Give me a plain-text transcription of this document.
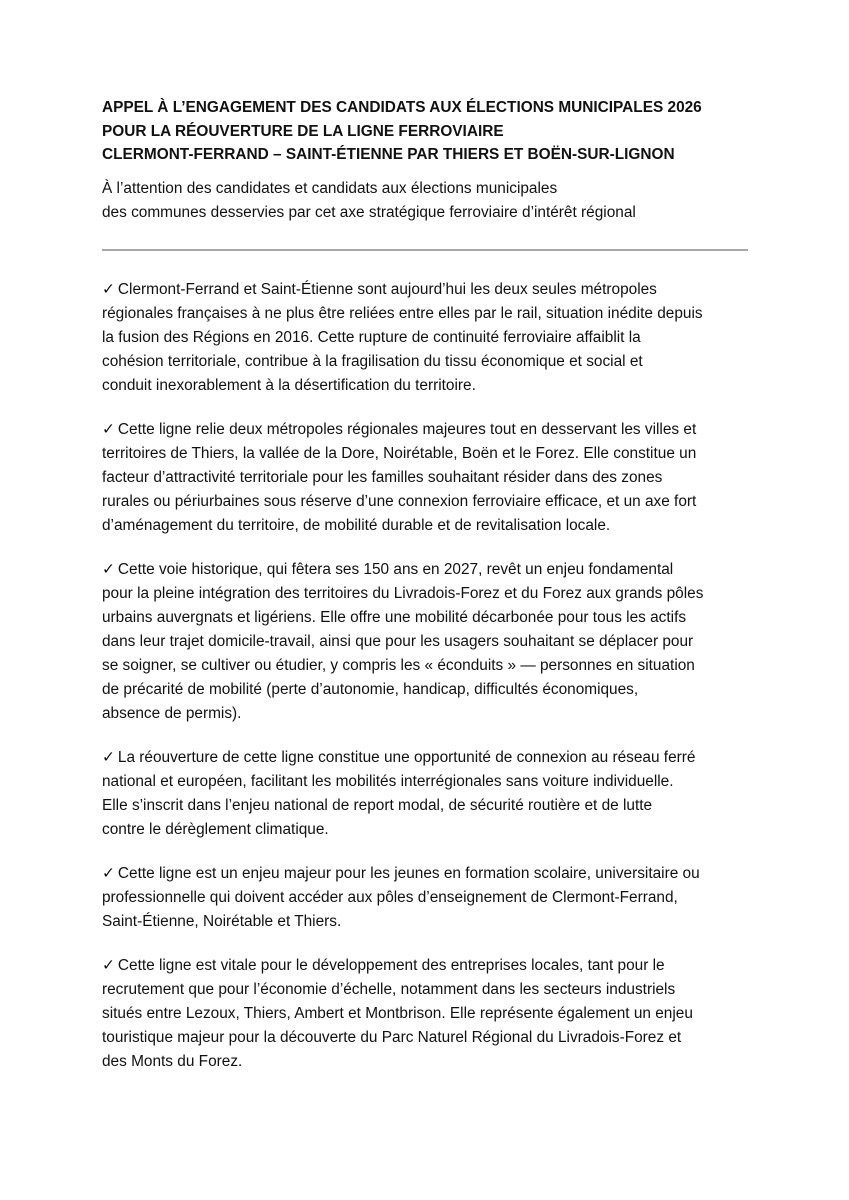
APPEL À L’ENGAGEMENT DES CANDIDATS AUX ÉLECTIONS MUNICIPALES 2026
POUR LA RÉOUVERTURE DE LA LIGNE FERROVIAIRE
CLERMONT-FERRAND – SAINT-ÉTIENNE PAR THIERS ET BOËN-SUR-LIGNON

À l’attention des candidates et candidats aux élections municipales
des communes desservies par cet axe stratégique ferroviaire d’intérêt régional

✓ Clermont-Ferrand et Saint-Étienne sont aujourd’hui les deux seules métropoles
régionales françaises à ne plus être reliées entre elles par le rail, situation inédite depuis
la fusion des Régions en 2016. Cette rupture de continuité ferroviaire affaiblit la
cohésion territoriale, contribue à la fragilisation du tissu économique et social et
conduit inexorablement à la désertification du territoire.
✓ Cette ligne relie deux métropoles régionales majeures tout en desservant les villes et
territoires de Thiers, la vallée de la Dore, Noirétable, Boën et le Forez. Elle constitue un
facteur d’attractivité territoriale pour les familles souhaitant résider dans des zones
rurales ou périurbaines sous réserve d’une connexion ferroviaire efficace, et un axe fort
d’aménagement du territoire, de mobilité durable et de revitalisation locale.
✓ Cette voie historique, qui fêtera ses 150 ans en 2027, revêt un enjeu fondamental
pour la pleine intégration des territoires du Livradois-Forez et du Forez aux grands pôles
urbains auvergnats et ligériens. Elle offre une mobilité décarbonée pour tous les actifs
dans leur trajet domicile-travail, ainsi que pour les usagers souhaitant se déplacer pour
se soigner, se cultiver ou étudier, y compris les « éconduits » — personnes en situation
de précarité de mobilité (perte d’autonomie, handicap, difficultés économiques,
absence de permis).
✓ La réouverture de cette ligne constitue une opportunité de connexion au réseau ferré
national et européen, facilitant les mobilités interrégionales sans voiture individuelle.
Elle s’inscrit dans l’enjeu national de report modal, de sécurité routière et de lutte
contre le dérèglement climatique.
✓ Cette ligne est un enjeu majeur pour les jeunes en formation scolaire, universitaire ou
professionnelle qui doivent accéder aux pôles d’enseignement de Clermont-Ferrand,
Saint-Étienne, Noirétable et Thiers.
✓ Cette ligne est vitale pour le développement des entreprises locales, tant pour le
recrutement que pour l’économie d’échelle, notamment dans les secteurs industriels
situés entre Lezoux, Thiers, Ambert et Montbrison. Elle représente également un enjeu
touristique majeur pour la découverte du Parc Naturel Régional du Livradois-Forez et
des Monts du Forez.
